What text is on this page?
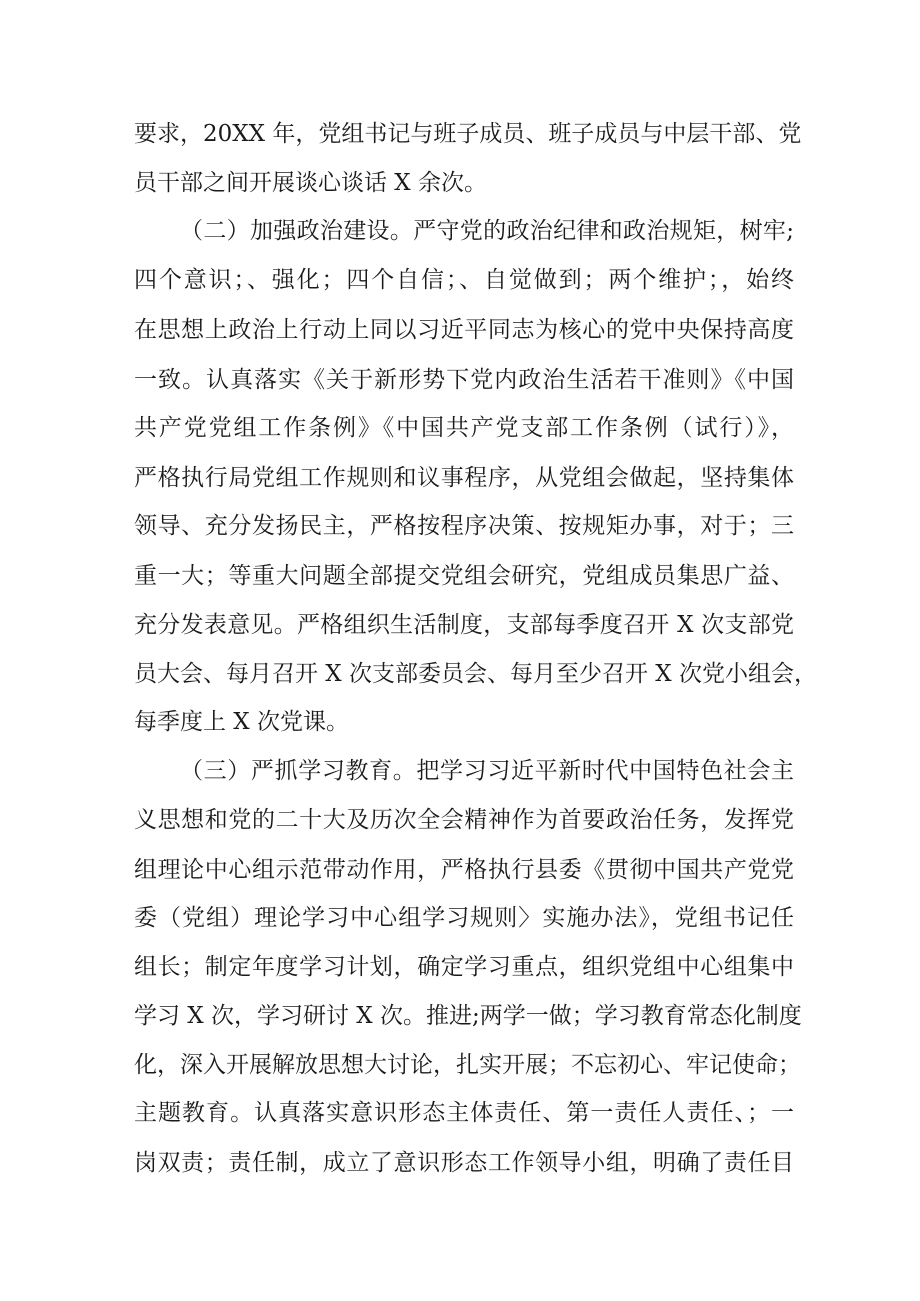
要求，20XX 年，党组书记与班子成员、班子成员与中层干部、党
员干部之间开展谈心谈话 X 余次。
（二）加强政治建设。严守党的政治纪律和政治规矩，树牢;
四个意识；、强化；四个自信；、自觉做到；两个维护；，始终
在思想上政治上行动上同以习近平同志为核心的党中央保持高度
一致。认真落实《关于新形势下党内政治生活若干准则》《中国
共产党党组工作条例》《中国共产党支部工作条例（试行）》，
严格执行局党组工作规则和议事程序，从党组会做起，坚持集体
领导、充分发扬民主，严格按程序决策、按规矩办事，对于；三
重一大；等重大问题全部提交党组会研究，党组成员集思广益、
充分发表意见。严格组织生活制度，支部每季度召开 X 次支部党
员大会、每月召开 X 次支部委员会、每月至少召开 X 次党小组会，
每季度上 X 次党课。
（三）严抓学习教育。把学习习近平新时代中国特色社会主
义思想和党的二十大及历次全会精神作为首要政治任务，发挥党
组理论中心组示范带动作用，严格执行县委《贯彻中国共产党党
委（党组）理论学习中心组学习规则〉实施办法》，党组书记任
组长；制定年度学习计划，确定学习重点，组织党组中心组集中
学习 X 次，学习研讨 X 次。推进;两学一做；学习教育常态化制度
化，深入开展解放思想大讨论，扎实开展；不忘初心、牢记使命；
主题教育。认真落实意识形态主体责任、第一责任人责任、；一
岗双责；责任制，成立了意识形态工作领导小组，明确了责任目
